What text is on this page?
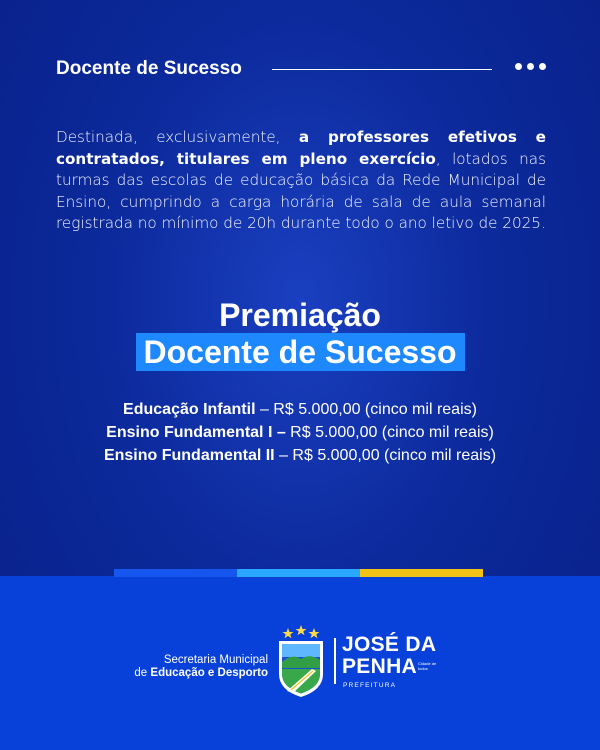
Docente de Sucesso

Destinada, exclusivamente, a professores efetivos e contratados, titulares em pleno exercício, lotados nas turmas das escolas de educação básica da Rede Municipal de Ensino, cumprindo a carga horária de sala de aula semanal registrada no mínimo de 20h durante todo o ano letivo de 2025.

Premiação
Docente de Sucesso
Educação Infantil – R$ 5.000,00 (cinco mil reais)
Ensino Fundamental I – R$ 5.000,00 (cinco mil reais)
Ensino Fundamental II – R$ 5.000,00 (cinco mil reais)
Secretaria Municipal
de Educação e Desporto
JOSÉ DA
PENHA Cidade de todos
PREFEITURA
